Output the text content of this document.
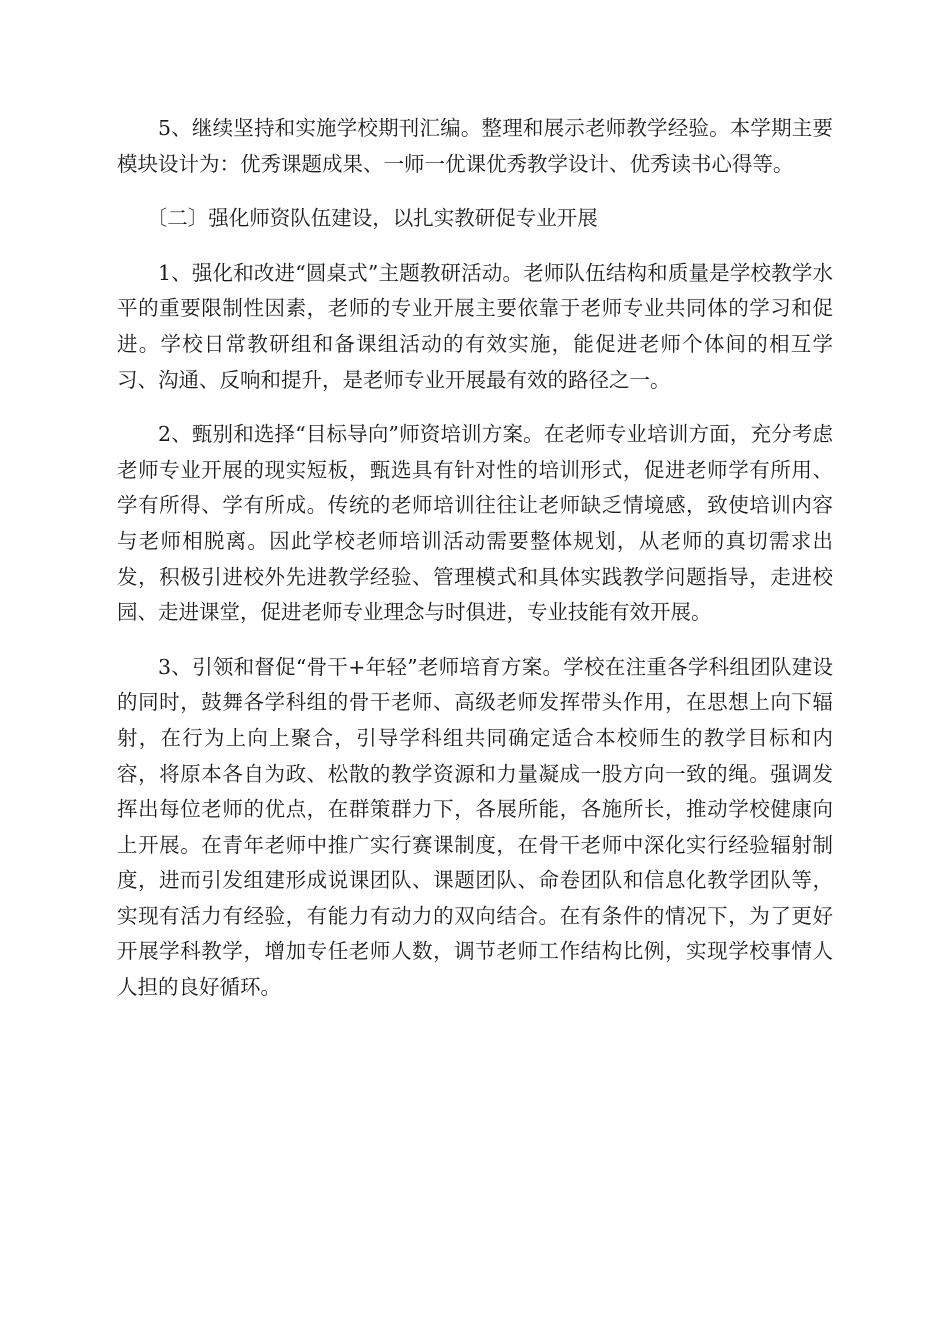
5、继续坚持和实施学校期刊汇编。整理和展示老师教学经验。本学期主要模块设计为：优秀课题成果、一师一优课优秀教学设计、优秀读书心得等。

〔二〕强化师资队伍建设，以扎实教研促专业开展

1、强化和改进“圆桌式”主题教研活动。老师队伍结构和质量是学校教学水平的重要限制性因素，老师的专业开展主要依靠于老师专业共同体的学习和促进。学校日常教研组和备课组活动的有效实施，能促进老师个体间的相互学习、沟通、反响和提升，是老师专业开展最有效的路径之一。

2、甄别和选择“目标导向”师资培训方案。在老师专业培训方面，充分考虑老师专业开展的现实短板，甄选具有针对性的培训形式，促进老师学有所用、学有所得、学有所成。传统的老师培训往往让老师缺乏情境感，致使培训内容与老师相脱离。因此学校老师培训活动需要整体规划，从老师的真切需求出发，积极引进校外先进教学经验、管理模式和具体实践教学问题指导，走进校园、走进课堂，促进老师专业理念与时俱进，专业技能有效开展。

3、引领和督促“骨干+年轻”老师培育方案。学校在注重各学科组团队建设的同时，鼓舞各学科组的骨干老师、高级老师发挥带头作用，在思想上向下辐射，在行为上向上聚合，引导学科组共同确定适合本校师生的教学目标和内容，将原本各自为政、松散的教学资源和力量凝成一股方向一致的绳。强调发挥出每位老师的优点，在群策群力下，各展所能，各施所长，推动学校健康向上开展。在青年老师中推广实行赛课制度，在骨干老师中深化实行经验辐射制度，进而引发组建形成说课团队、课题团队、命卷团队和信息化教学团队等，实现有活力有经验，有能力有动力的双向结合。在有条件的情况下，为了更好开展学科教学，增加专任老师人数，调节老师工作结构比例，实现学校事情人人担的良好循环。
